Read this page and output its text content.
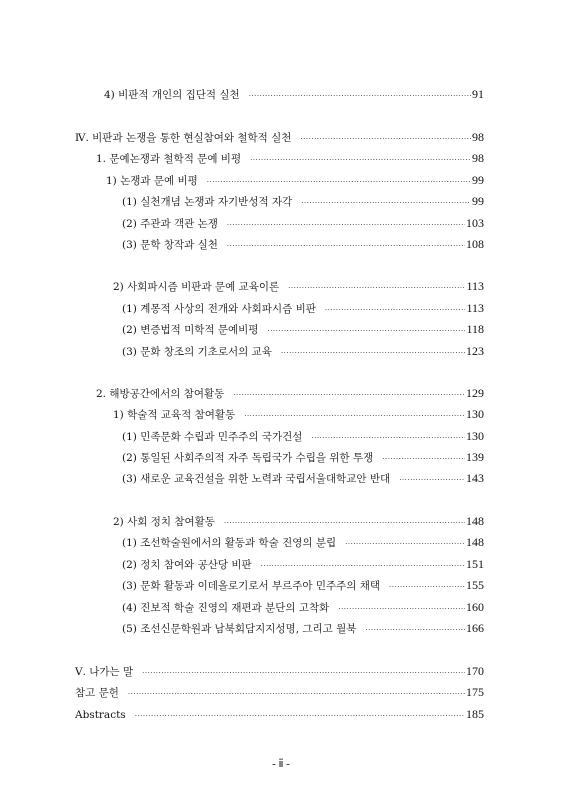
4) 비판적 개인의 집단적 실천 ·····	91
Ⅳ. 비판과 논쟁을 통한 현실참여와 철학적 실천 ·····	98
1. 문예논쟁과 철학적 문예 비평 ·····	98
1) 논쟁과 문예 비평 ·····	99
(1) 실천개념 논쟁과 자기반성적 자각 ·····	99
(2) 주관과 객관 논쟁 ·····	103
(3) 문학 창작과 실천 ·····	108
2) 사회파시즘 비판과 문예 교육이론 ·····	113
(1) 계몽적 사상의 전개와 사회파시즘 비판 ·····	113
(2) 변증법적 미학적 문예비평 ·····	118
(3) 문화 창조의 기초로서의 교육 ·····	123
2. 해방공간에서의 참여활동 ·····	129
1) 학술적 교육적 참여활동 ·····	130
(1) 민족문화 수립과 민주주의 국가건설 ·····	130
(2) 통일된 사회주의적 자주 독립국가 수립을 위한 투쟁 ·····	139
(3) 새로운 교육건설을 위한 노력과 국립서울대학교안 반대 ·····	143
2) 사회 정치 참여활동 ·····	148
(1) 조선학술원에서의 활동과 학술 진영의 분립 ·····	148
(2) 정치 참여와 공산당 비판 ·····	151
(3) 문화 활동과 이데올로기로서 부르주아 민주주의 채택 ·····	155
(4) 진보적 학술 진영의 재편과 분단의 고착화 ·····	160
(5) 조선신문학원과 남북회담지지성명, 그리고 월북 ·····	166
Ⅴ. 나가는 말 ·····	170
참고 문헌 ·····	175
Abstracts ·····	185
- ⅱ -
